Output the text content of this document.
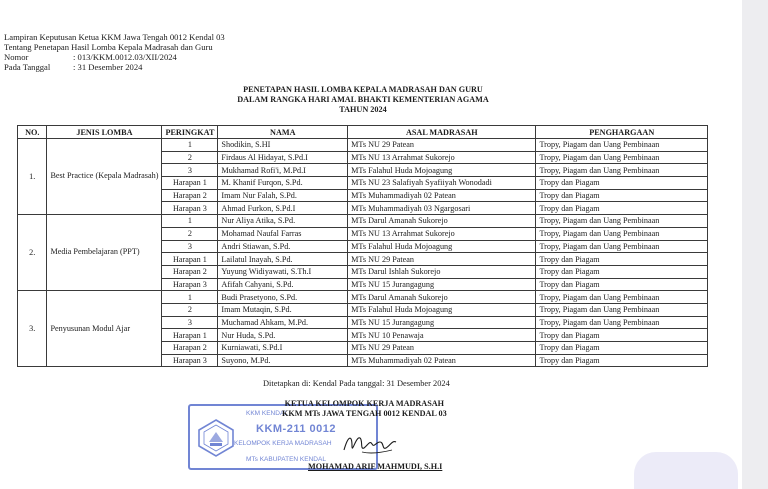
Lampiran Keputusan Ketua KKM Jawa Tengah 0012 Kendal 03
Tentang Penetapan Hasil Lomba Kepala Madrasah dan Guru
Nomor	: 013/KKM.0012.03/XII/2024
Pada Tanggal	: 31 Desember 2024
PENETAPAN HASIL LOMBA KEPALA MADRASAH DAN GURU
DALAM RANGKA HARI AMAL BHAKTI KEMENTERIAN AGAMA
TAHUN 2024
NO.	JENIS LOMBA	PERINGKAT	NAMA	ASAL MADRASAH	PENGHARGAAN
1.	Best Practice (Kepala Madrasah)	1	Shodikin, S.HI	MTs NU 29 Patean	Tropy, Piagam dan Uang Pembinaan
		2	Firdaus Al Hidayat, S.Pd.I	MTs NU 13 Arrahmat Sukorejo	Tropy, Piagam dan Uang Pembinaan
		3	Mukhamad Rofi'i, M.Pd.I	MTs Falahul Huda Mojoagung	Tropy, Piagam dan Uang Pembinaan
		Harapan 1	M. Khanif Furqon, S.Pd.	MTs NU 23 Salafiyah Syafiiyah Wonodadi	Tropy dan Piagam
		Harapan 2	Imam Nur Falah, S.Pd.	MTs Muhammadiyah 02 Patean	Tropy dan Piagam
		Harapan 3	Ahmad Furkon, S.Pd.I	MTs Muhammadiyah 03 Ngargosari	Tropy dan Piagam
2.	Media Pembelajaran (PPT)	1	Nur Aliya Atika, S.Pd.	MTs Darul Amanah Sukorejo	Tropy, Piagam dan Uang Pembinaan
		2	Mohamad Naufal Farras	MTs NU 13 Arrahmat Sukorejo	Tropy, Piagam dan Uang Pembinaan
		3	Andri Stiawan, S.Pd.	MTs Falahul Huda Mojoagung	Tropy, Piagam dan Uang Pembinaan
		Harapan 1	Lailatul Inayah, S.Pd.	MTs NU 29 Patean	Tropy dan Piagam
		Harapan 2	Yuyung Widiyawati, S.Th.I	MTs Darul Ishlah Sukorejo	Tropy dan Piagam
		Harapan 3	Afifah Cahyani, S.Pd.	MTs NU 15 Jurangagung	Tropy dan Piagam
3.	Penyusunan Modul Ajar	1	Budi Prasetyono, S.Pd.	MTs Darul Amanah Sukorejo	Tropy, Piagam dan Uang Pembinaan
		2	Imam Mutaqin, S.Pd.	MTs Falahul Huda Mojoagung	Tropy, Piagam dan Uang Pembinaan
		3	Muchamad Ahkam, M.Pd.	MTs NU 15 Jurangagung	Tropy, Piagam dan Uang Pembinaan
		Harapan 1	Nur Huda, S.Pd.	MTs NU 10 Penawaja	Tropy dan Piagam
		Harapan 2	Kurniawati, S.Pd.I	MTs NU 29 Patean	Tropy dan Piagam
		Harapan 3	Suyono, M.Pd.	MTs Muhammadiyah 02 Patean	Tropy dan Piagam
Ditetapkan di: Kendal Pada tanggal: 31 Desember 2024
KKM KENDAL
KKM-211 0012
KELOMPOK KERJA MADRASAH
MTs KABUPATEN KENDAL
KETUA KELOMPOK KERJA MADRASAH
KKM MTs JAWA TENGAH 0012 KENDAL 03
MOHAMAD ARIF MAHMUDI, S.H.I
